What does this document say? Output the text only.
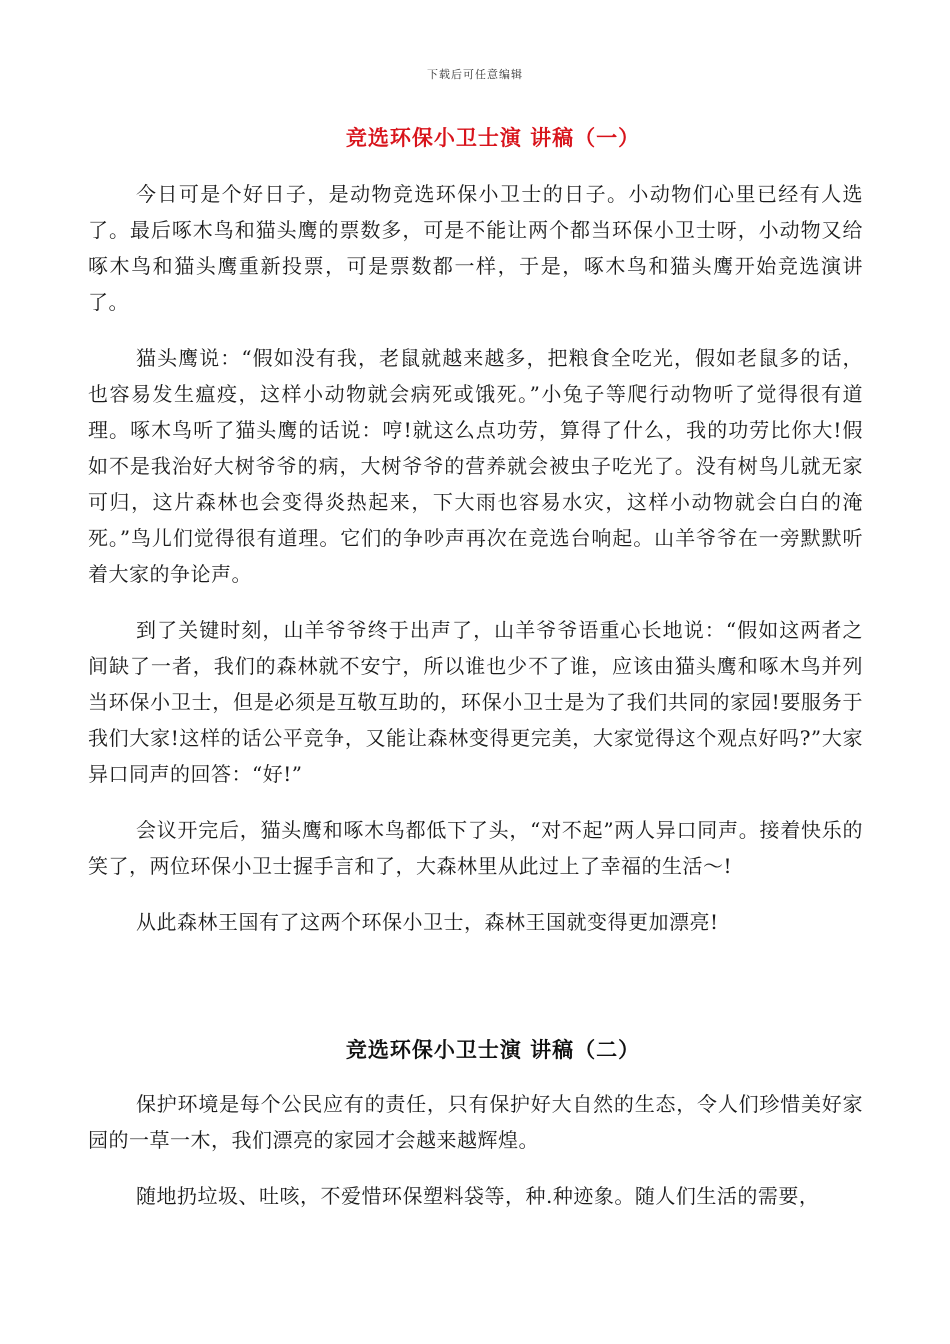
下载后可任意编辑
竞选环保小卫士演 讲稿（一）

今日可是个好日子，是动物竞选环保小卫士的日子。小动物们心里已经有人选了。最后啄木鸟和猫头鹰的票数多，可是不能让两个都当环保小卫士呀，小动物又给啄木鸟和猫头鹰重新投票，可是票数都一样，于是，啄木鸟和猫头鹰开始竞选演讲了。

猫头鹰说：“假如没有我，老鼠就越来越多，把粮食全吃光，假如老鼠多的话，也容易发生瘟疫，这样小动物就会病死或饿死。”小兔子等爬行动物听了觉得很有道理。啄木鸟听了猫头鹰的话说：哼!就这么点功劳，算得了什么，我的功劳比你大!假如不是我治好大树爷爷的病，大树爷爷的营养就会被虫子吃光了。没有树鸟儿就无家可归，这片森林也会变得炎热起来，下大雨也容易水灾，这样小动物就会白白的淹死。”鸟儿们觉得很有道理。它们的争吵声再次在竞选台响起。山羊爷爷在一旁默默听着大家的争论声。

到了关键时刻，山羊爷爷终于出声了，山羊爷爷语重心长地说：“假如这两者之间缺了一者，我们的森林就不安宁，所以谁也少不了谁，应该由猫头鹰和啄木鸟并列当环保小卫士，但是必须是互敬互助的，环保小卫士是为了我们共同的家园!要服务于我们大家!这样的话公平竞争，又能让森林变得更完美，大家觉得这个观点好吗?”大家异口同声的回答：“好!”

会议开完后，猫头鹰和啄木鸟都低下了头，“对不起”两人异口同声。接着快乐的笑了，两位环保小卫士握手言和了，大森林里从此过上了幸福的生活～!

从此森林王国有了这两个环保小卫士，森林王国就变得更加漂亮!

竞选环保小卫士演 讲稿（二）

保护环境是每个公民应有的责任，只有保护好大自然的生态，令人们珍惜美好家园的一草一木，我们漂亮的家园才会越来越辉煌。

随地扔垃圾、吐咳，不爱惜环保塑料袋等，种.种迹象。随人们生活的需要，
